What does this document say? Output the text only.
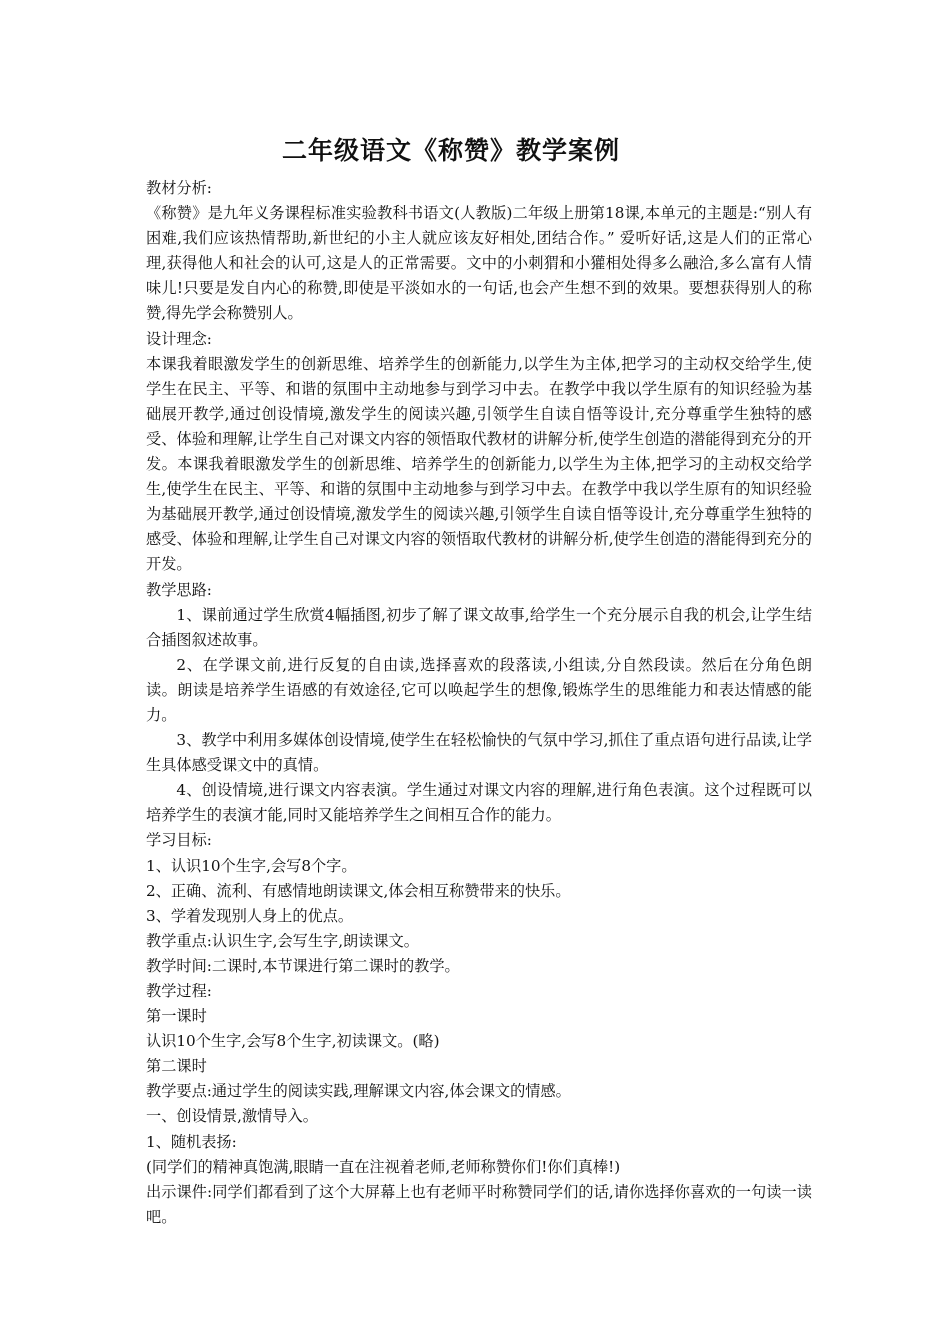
二年级语文《称赞》教学案例

教材分析:

《称赞》是九年义务课程标准实验教科书语文(人教版)二年级上册第18课,本单元的主题是:“别人有困难,我们应该热情帮助,新世纪的小主人就应该友好相处,团结合作。” 爱听好话,这是人们的正常心理,获得他人和社会的认可,这是人的正常需要。文中的小刺猬和小獾相处得多么融洽,多么富有人情味儿!只要是发自内心的称赞,即使是平淡如水的一句话,也会产生想不到的效果。要想获得别人的称赞,得先学会称赞别人。

设计理念:

本课我着眼激发学生的创新思维、培养学生的创新能力,以学生为主体,把学习的主动权交给学生,使学生在民主、平等、和谐的氛围中主动地参与到学习中去。在教学中我以学生原有的知识经验为基础展开教学,通过创设情境,激发学生的阅读兴趣,引领学生自读自悟等设计,充分尊重学生独特的感受、体验和理解,让学生自己对课文内容的领悟取代教材的讲解分析,使学生创造的潜能得到充分的开发。本课我着眼激发学生的创新思维、培养学生的创新能力,以学生为主体,把学习的主动权交给学生,使学生在民主、平等、和谐的氛围中主动地参与到学习中去。在教学中我以学生原有的知识经验为基础展开教学,通过创设情境,激发学生的阅读兴趣,引领学生自读自悟等设计,充分尊重学生独特的感受、体验和理解,让学生自己对课文内容的领悟取代教材的讲解分析,使学生创造的潜能得到充分的开发。

教学思路:

1、课前通过学生欣赏4幅插图,初步了解了课文故事,给学生一个充分展示自我的机会,让学生结合插图叙述故事。

2、在学课文前,进行反复的自由读,选择喜欢的段落读,小组读,分自然段读。然后在分角色朗读。朗读是培养学生语感的有效途径,它可以唤起学生的想像,锻炼学生的思维能力和表达情感的能力。

3、教学中利用多媒体创设情境,使学生在轻松愉快的气氛中学习,抓住了重点语句进行品读,让学生具体感受课文中的真情。

4、创设情境,进行课文内容表演。学生通过对课文内容的理解,进行角色表演。这个过程既可以培养学生的表演才能,同时又能培养学生之间相互合作的能力。

学习目标:

1、认识10个生字,会写8个字。

2、正确、流利、有感情地朗读课文,体会相互称赞带来的快乐。

3、学着发现别人身上的优点。

教学重点:认识生字,会写生字,朗读课文。

教学时间:二课时,本节课进行第二课时的教学。

教学过程:

第一课时

认识10个生字,会写8个生字,初读课文。(略)

第二课时

教学要点:通过学生的阅读实践,理解课文内容,体会课文的情感。

一、创设情景,激情导入。

1、随机表扬:

(同学们的精神真饱满,眼睛一直在注视着老师,老师称赞你们!你们真棒!)

出示课件:同学们都看到了这个大屏幕上也有老师平时称赞同学们的话,请你选择你喜欢的一句读一读吧。
